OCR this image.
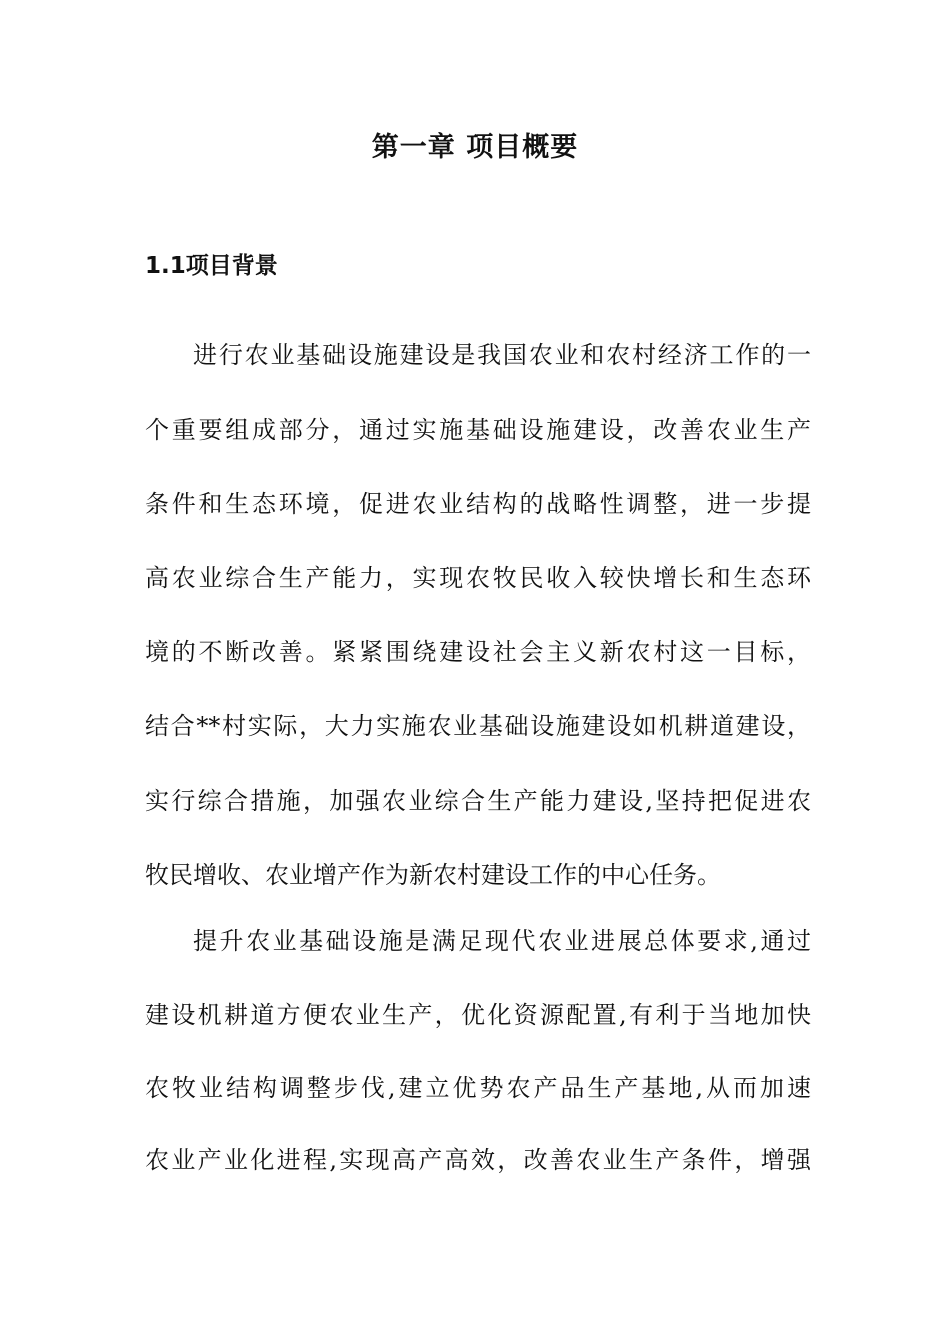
第一章 项目概要
1.1项目背景
进行农业基础设施建设是我国农业和农村经济工作的一
个重要组成部分，通过实施基础设施建设，改善农业生产
条件和生态环境，促进农业结构的战略性调整，进一步提
高农业综合生产能力，实现农牧民收入较快增长和生态环
境的不断改善。紧紧围绕建设社会主义新农村这一目标，
结合**村实际，大力实施农业基础设施建设如机耕道建设，
实行综合措施，加强农业综合生产能力建设,坚持把促进农
牧民增收、农业增产作为新农村建设工作的中心任务。
提升农业基础设施是满足现代农业进展总体要求,通过
建设机耕道方便农业生产，优化资源配置,有利于当地加快
农牧业结构调整步伐,建立优势农产品生产基地,从而加速
农业产业化进程,实现高产高效，改善农业生产条件，增强
